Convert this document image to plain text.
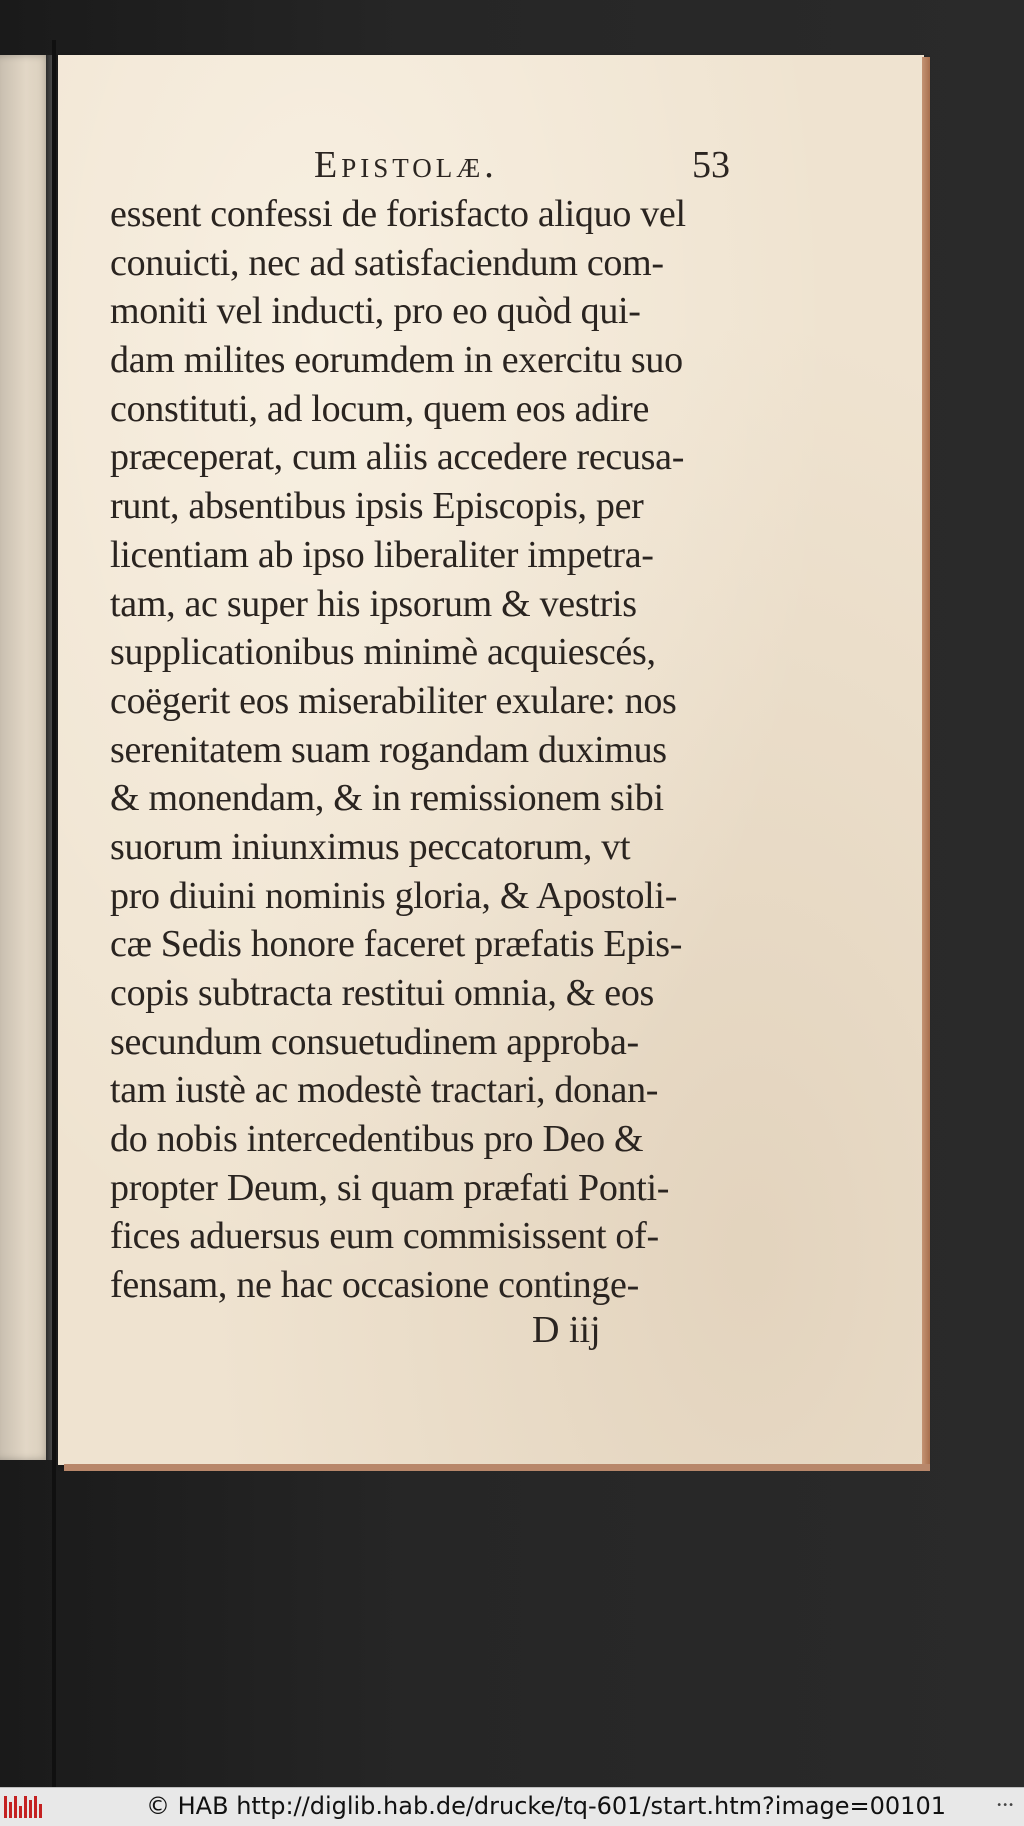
Epistolæ.	53
essent confessi de forisfacto aliquo vel
conuicti, nec ad satisfaciendum com-
moniti vel inducti, pro eo quòd qui-
dam milites eorumdem in exercitu suo
constituti, ad locum, quem eos adire
præceperat, cum aliis accedere recusa-
runt, absentibus ipsis Episcopis, per
licentiam ab ipso liberaliter impetra-
tam, ac super his ipsorum & vestris
supplicationibus minimè acquiescés,
coëgerit eos miserabiliter exulare: nos
serenitatem suam rogandam duximus
& monendam, & in remissionem sibi
suorum iniunximus peccatorum, vt
pro diuini nominis gloria, & Apostoli-
cæ Sedis honore faceret præfatis Epis-
copis subtracta restitui omnia, & eos
secundum consuetudinem approba-
tam iustè ac modestè tractari, donan-
do nobis intercedentibus pro Deo &
propter Deum, si quam præfati Ponti-
fices aduersus eum commisissent of-
fensam, ne hac occasione continge-
D iij
© HAB http://diglib.hab.de/drucke/tq-601/start.htm?image=00101	•••
